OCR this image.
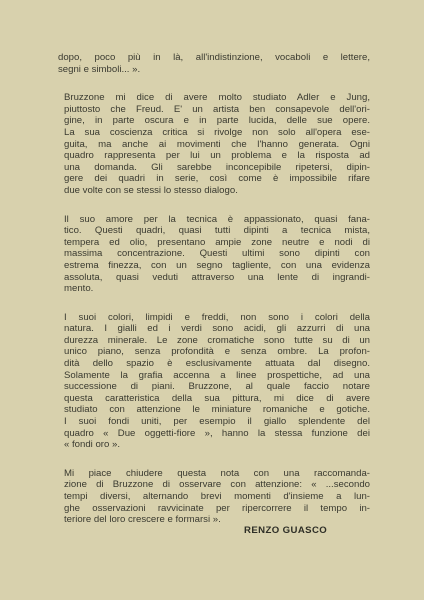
dopo, poco più in là, all'indistinzione, vocaboli e lettere,
segni e simboli... ».

Bruzzone mi dice di avere molto studiato Adler e Jung,
piuttosto che Freud. E' un artista ben consapevole dell'ori-
gine, in parte oscura e in parte lucida, delle sue opere.
La sua coscienza critica si rivolge non solo all'opera ese-
guita, ma anche ai movimenti che l'hanno generata. Ogni
quadro rappresenta per lui un problema e la risposta ad
una domanda. Gli sarebbe inconcepibile ripetersi, dipin-
gere dei quadri in serie, così come è impossibile rifare
due volte con se stessi lo stesso dialogo.

Il suo amore per la tecnica è appassionato, quasi fana-
tico. Questi quadri, quasi tutti dipinti a tecnica mista,
tempera ed olio, presentano ampie zone neutre e nodi di
massima concentrazione. Questi ultimi sono dipinti con
estrema finezza, con un segno tagliente, con una evidenza
assoluta, quasi veduti attraverso una lente di ingrandi-
mento.

I suoi colori, limpidi e freddi, non sono i colori della
natura. I gialli ed i verdi sono acidi, gli azzurri di una
durezza minerale. Le zone cromatiche sono tutte su di un
unico piano, senza profondità e senza ombre. La profon-
dità dello spazio è esclusivamente attuata dal disegno.
Solamente la grafia accenna a linee prospettiche, ad una
successione di piani. Bruzzone, al quale faccio notare
questa caratteristica della sua pittura, mi dice di avere
studiato con attenzione le miniature romaniche e gotiche.
I suoi fondi uniti, per esempio il giallo splendente del
quadro « Due oggetti-fiore », hanno la stessa funzione dei
« fondi oro ».

Mi piace chiudere questa nota con una raccomanda-
zione di Bruzzone di osservare con attenzione: « ...secondo
tempi diversi, alternando brevi momenti d'insieme a lun-
ghe osservazioni ravvicinate per ripercorrere il tempo in-
teriore del loro crescere e formarsi ».

RENZO GUASCO
